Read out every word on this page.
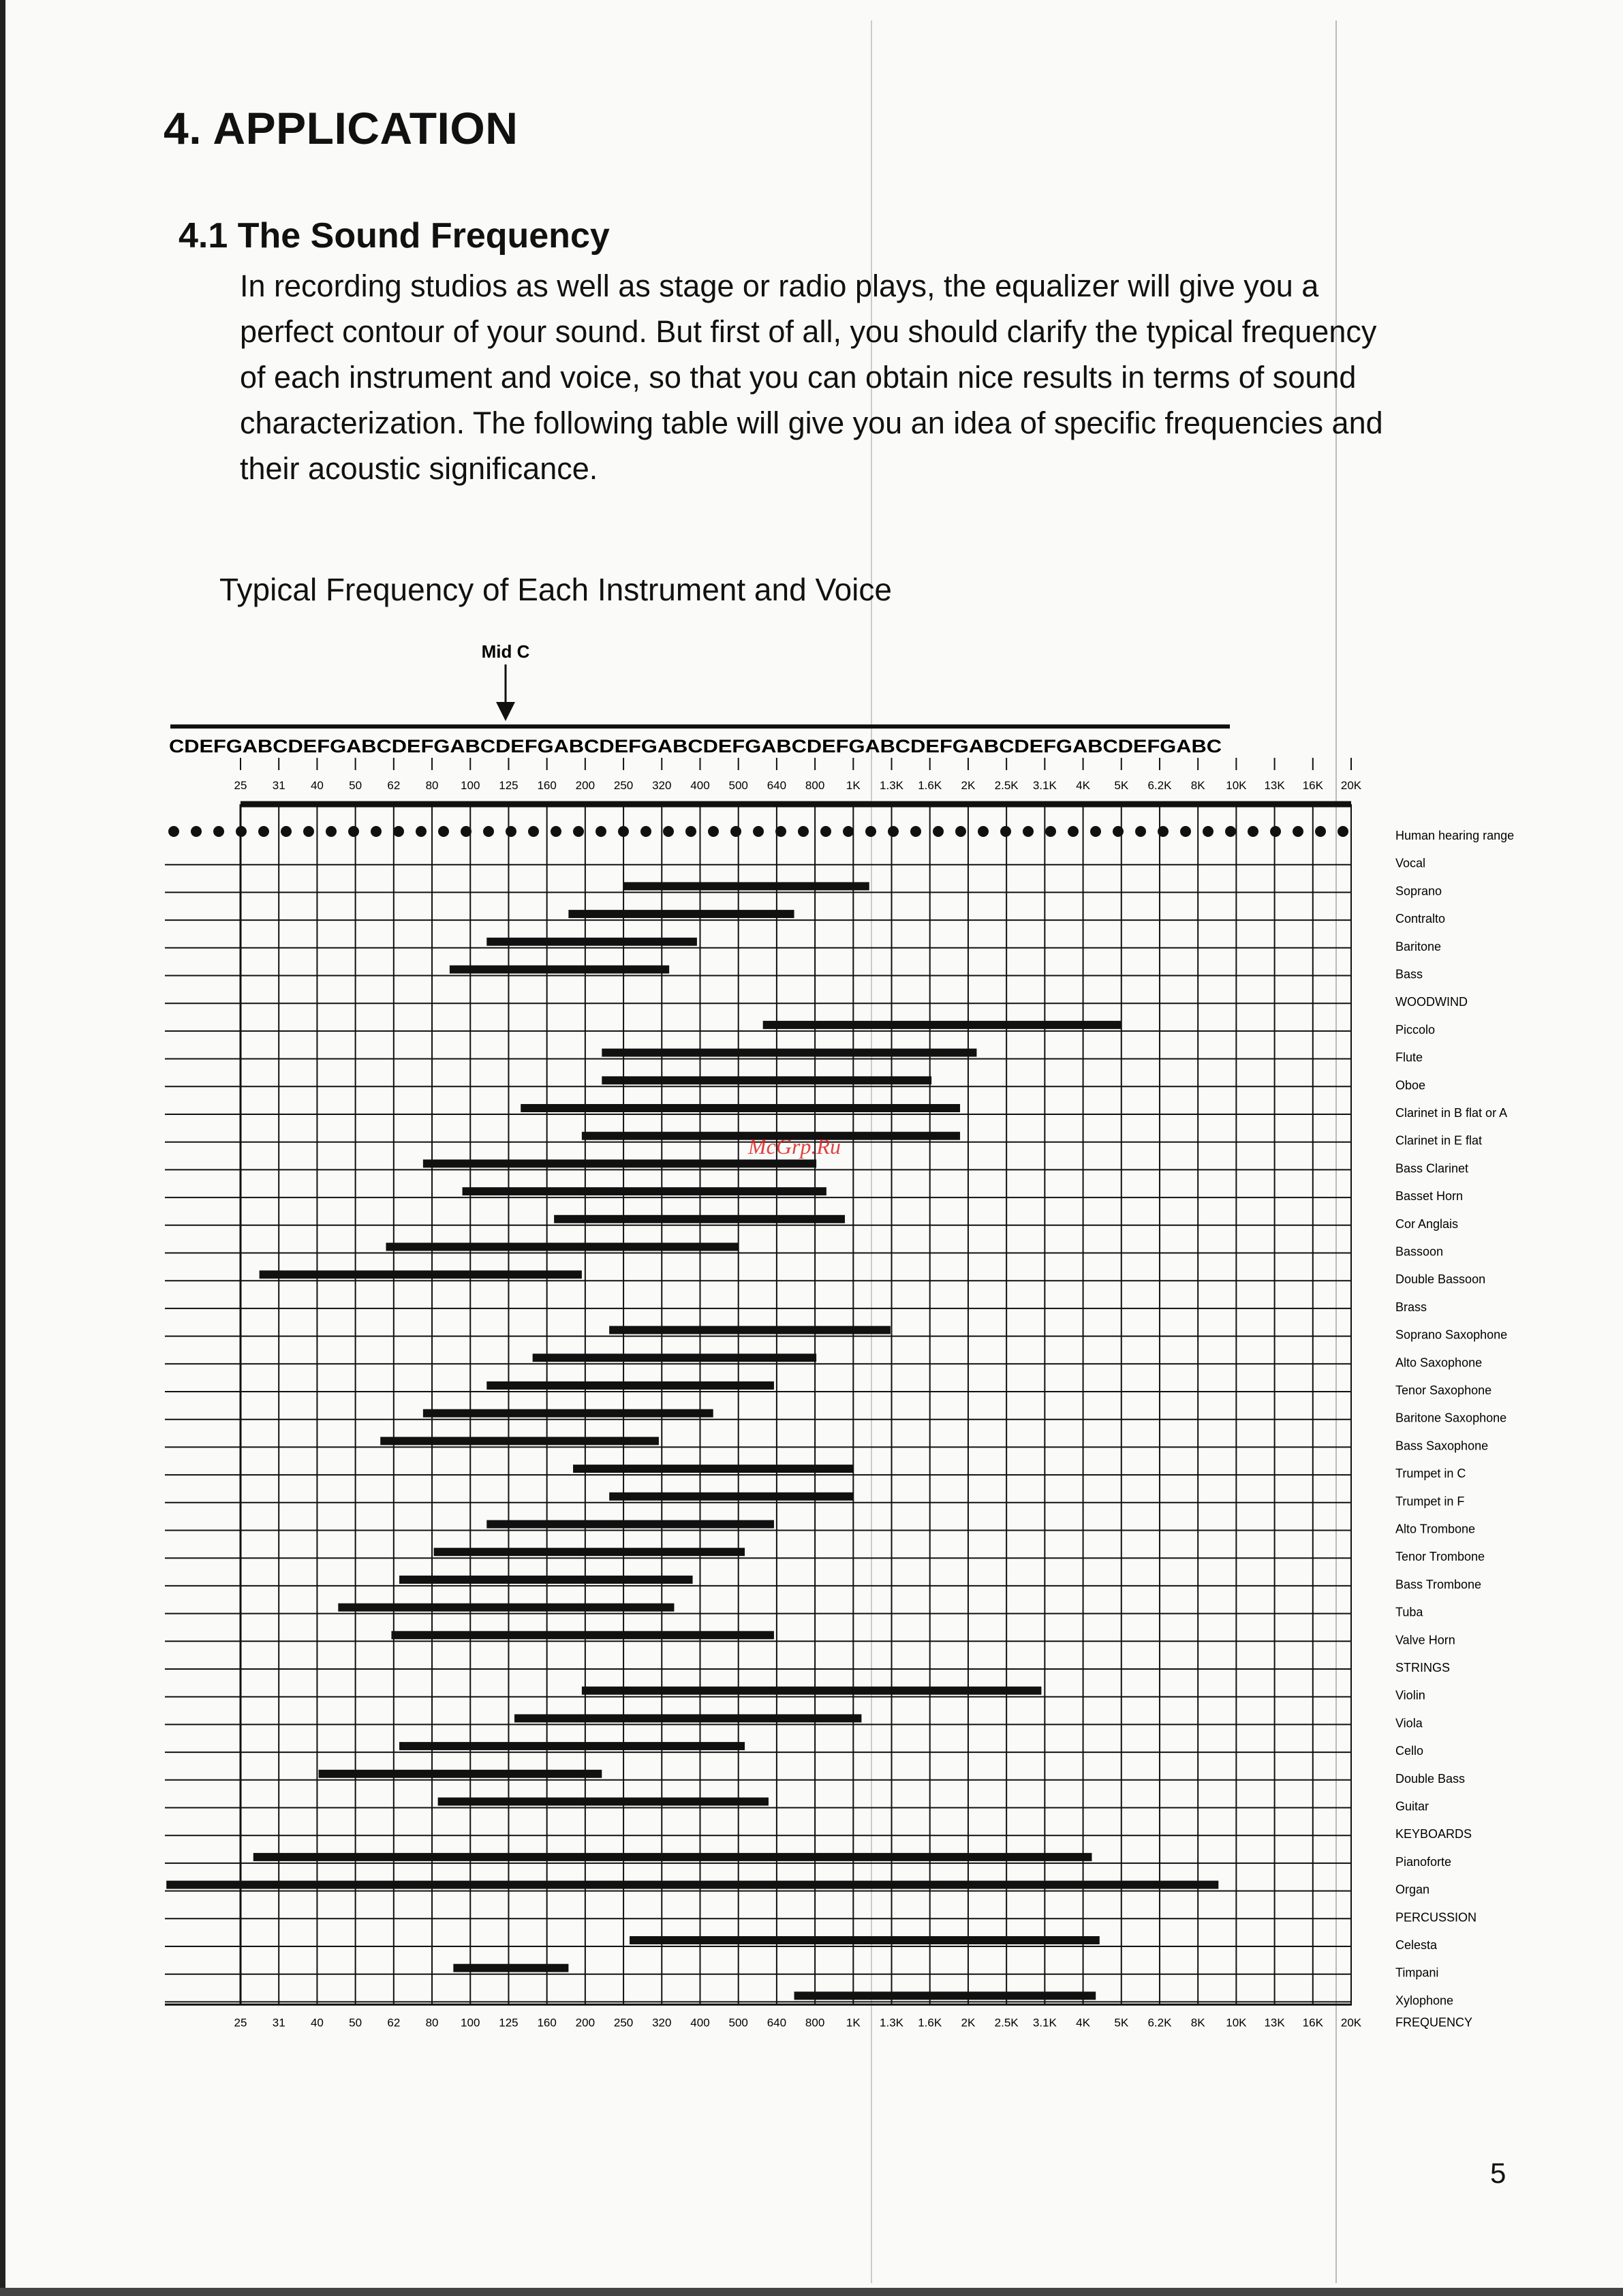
4. APPLICATION
4.1 The Sound Frequency
In recording studios as well as stage or radio plays, the equalizer will give you a
perfect contour of your sound. But first of all, you should clarify the typical frequency
of each instrument and voice, so that you can obtain nice results in terms of sound
characterization. The following table will give you an idea of specific frequencies and
their acoustic significance.
Typical Frequency of Each Instrument and Voice
Mid C
CDEFGABCDEFGABCDEFGABCDEFGABCDEFGABCDEFGABCDEFGABCDEFGABCDEFGABCDEFGABC
25 31 40 50 62 80 100 125 160 200 250 320 400 500 640 800 1K 1.3K 1.6K 2K 2.5K 3.1K 4K 5K 6.2K 8K 10K 13K 16K 20K
Human hearing range
Vocal
Soprano
Contralto
Baritone
Bass
WOODWIND
Piccolo
Flute
Oboe
Clarinet in B flat or A
Clarinet in E flat
Bass Clarinet
Basset Horn
Cor Anglais
Bassoon
Double Bassoon
Brass
Soprano Saxophone
Alto Saxophone
Tenor Saxophone
Baritone Saxophone
Bass Saxophone
Trumpet in C
Trumpet in F
Alto Trombone
Tenor Trombone
Bass Trombone
Tuba
Valve Horn
STRINGS
Violin
Viola
Cello
Double Bass
Guitar
KEYBOARDS
Pianoforte
Organ
PERCUSSION
Celesta
Timpani
Xylophone
25 31 40 50 62 80 100 125 160 200 250 320 400 500 640 800 1K 1.3K 1.6K 2K 2.5K 3.1K 4K 5K 6.2K 8K 10K 13K 16K 20K	FREQUENCY
McGrp.Ru
5
